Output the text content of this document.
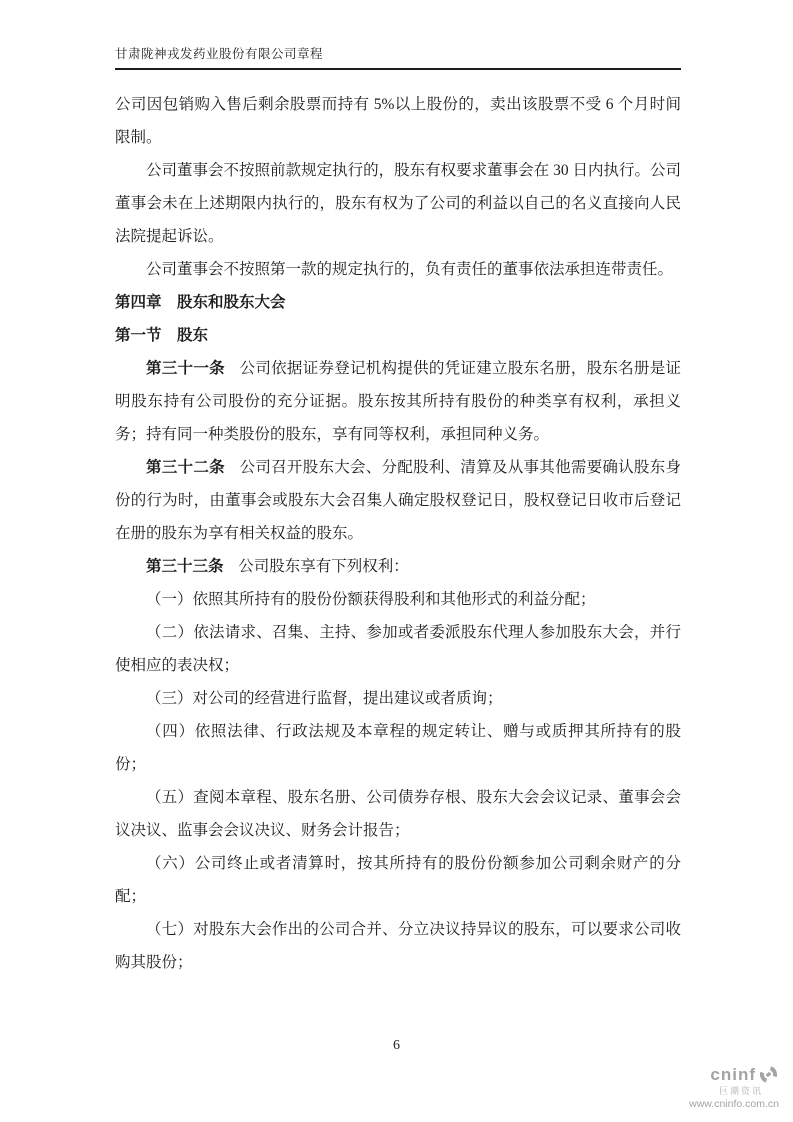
甘肃陇神戎发药业股份有限公司章程

公司因包销购入售后剩余股票而持有 5%以上股份的，卖出该股票不受 6 个月时间限制。

公司董事会不按照前款规定执行的，股东有权要求董事会在 30 日内执行。公司董事会未在上述期限内执行的，股东有权为了公司的利益以自己的名义直接向人民法院提起诉讼。

公司董事会不按照第一款的规定执行的，负有责任的董事依法承担连带责任。

第四章　股东和股东大会

第一节　股东

第三十一条 公司依据证券登记机构提供的凭证建立股东名册，股东名册是证明股东持有公司股份的充分证据。股东按其所持有股份的种类享有权利，承担义务；持有同一种类股份的股东，享有同等权利，承担同种义务。

第三十二条 公司召开股东大会、分配股利、清算及从事其他需要确认股东身份的行为时，由董事会或股东大会召集人确定股权登记日，股权登记日收市后登记在册的股东为享有相关权益的股东。

第三十三条 公司股东享有下列权利：

（一）依照其所持有的股份份额获得股利和其他形式的利益分配；

（二）依法请求、召集、主持、参加或者委派股东代理人参加股东大会，并行使相应的表决权；

（三）对公司的经营进行监督，提出建议或者质询；

（四）依照法律、行政法规及本章程的规定转让、赠与或质押其所持有的股份；

（五）查阅本章程、股东名册、公司债券存根、股东大会会议记录、董事会会议决议、监事会会议决议、财务会计报告；

（六）公司终止或者清算时，按其所持有的股份份额参加公司剩余财产的分配；

（七）对股东大会作出的公司合并、分立决议持异议的股东，可以要求公司收购其股份；

6
cninf
巨潮资讯
www.cninfo.com.cn
